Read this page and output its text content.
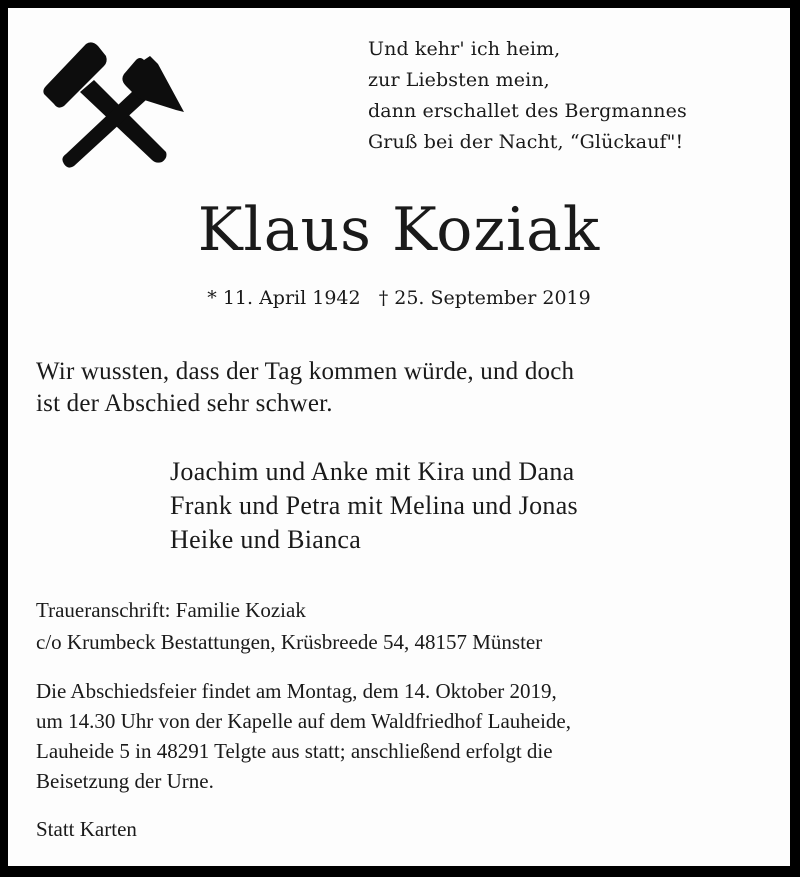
Und kehr' ich heim,
zur Liebsten mein,
dann erschallet des Bergmannes
Gruß bei der Nacht, “Glückauf"!
Klaus Koziak
* 11. April 1942 † 25. September 2019
Wir wussten, dass der Tag kommen würde, und doch
ist der Abschied sehr schwer.
Joachim und Anke mit Kira und Dana
Frank und Petra mit Melina und Jonas
Heike und Bianca
Traueranschrift: Familie Koziak
c/o Krumbeck Bestattungen, Krüsbreede 54, 48157 Münster
Die Abschiedsfeier findet am Montag, dem 14. Oktober 2019,
um 14.30 Uhr von der Kapelle auf dem Waldfriedhof Lauheide,
Lauheide 5 in 48291 Telgte aus statt; anschließend erfolgt die
Beisetzung der Urne.
Statt Karten
